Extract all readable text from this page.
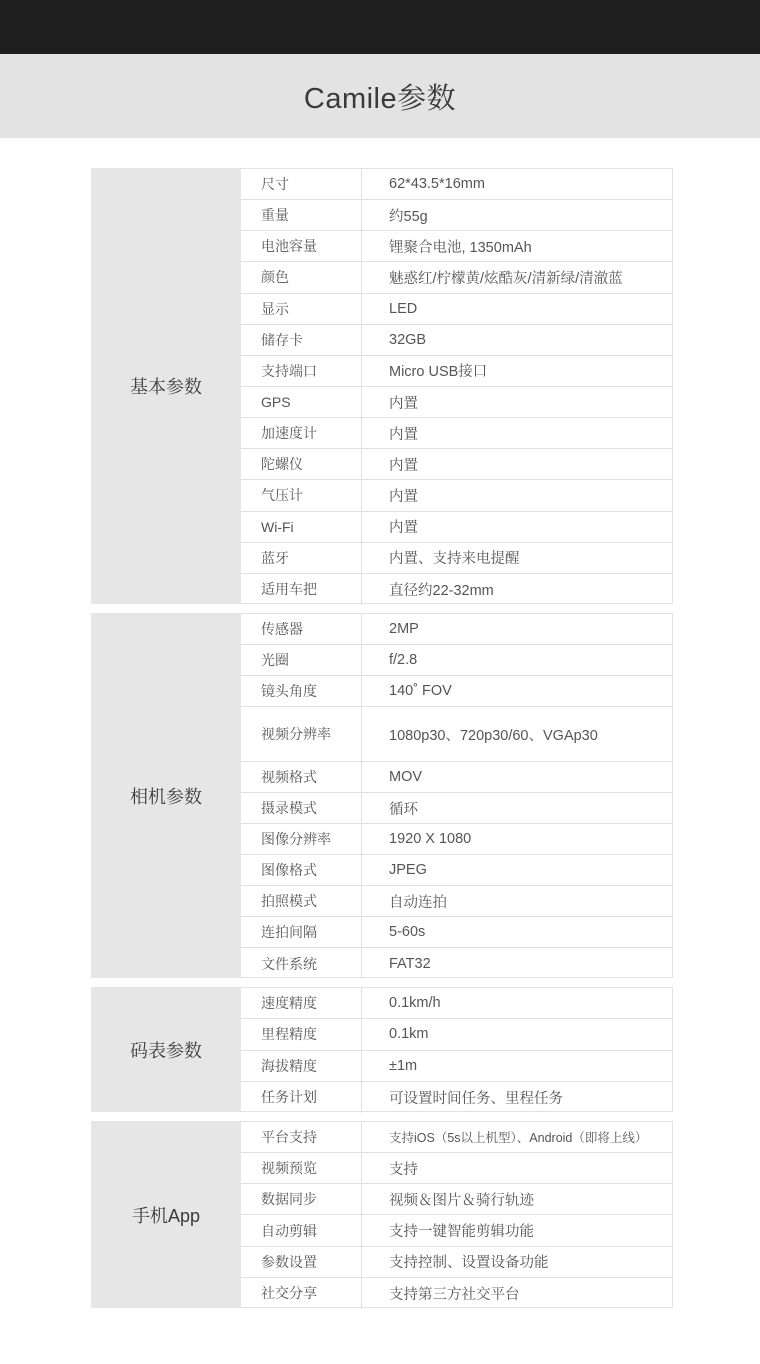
Camile参数
基本参数
尺寸	62*43.5*16mm
重量	约55g
电池容量	锂聚合电池, 1350mAh
颜色	魅惑红/柠檬黄/炫酷灰/清新绿/清澈蓝
显示	LED
储存卡	32GB
支持端口	Micro USB接口
GPS	内置
加速度计	内置
陀螺仪	内置
气压计	内置
Wi-Fi	内置
蓝牙	内置、支持来电提醒
适用车把	直径约22-32mm
相机参数
传感器	2MP
光圈	f/2.8
镜头角度	140˚ FOV
视频分辨率	1080p30、720p30/60、VGAp30
视频格式	MOV
摄录模式	循环
图像分辨率	1920 X 1080
图像格式	JPEG
拍照模式	自动连拍
连拍间隔	5-60s
文件系统	FAT32
码表参数
速度精度	0.1km/h
里程精度	0.1km
海拔精度	±1m
任务计划	可设置时间任务、里程任务
手机App
平台支持	支持iOS（5s以上机型）、Android（即将上线）
视频预览	支持
数据同步	视频＆图片＆骑行轨迹
自动剪辑	支持一键智能剪辑功能
参数设置	支持控制、设置设备功能
社交分享	支持第三方社交平台
